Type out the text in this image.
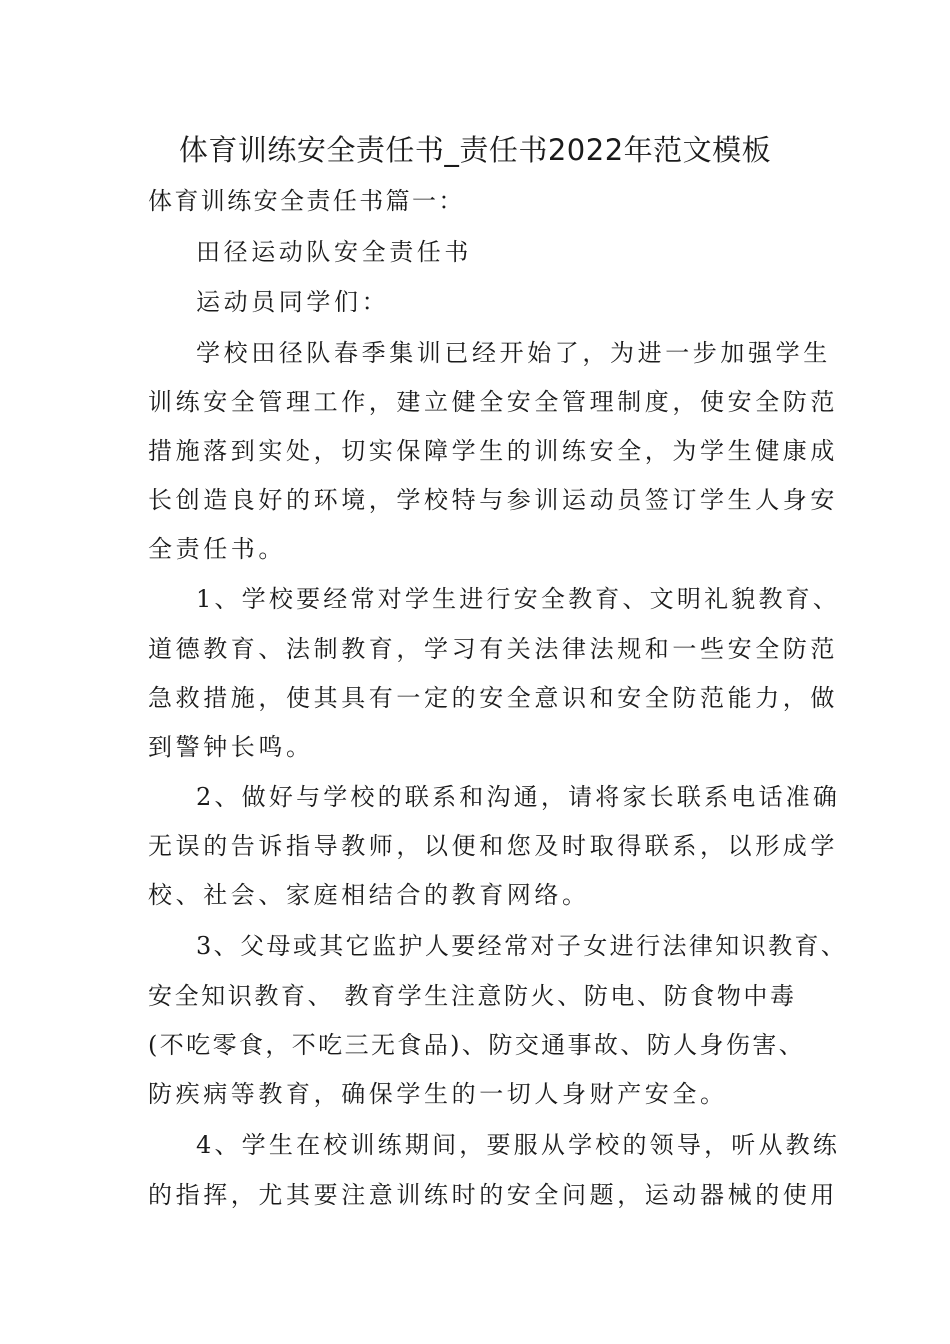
体育训练安全责任书_责任书2022年范文模板
体育训练安全责任书篇一：
田径运动队安全责任书
运动员同学们：
学校田径队春季集训已经开始了，为进一步加强学生
训练安全管理工作，建立健全安全管理制度，使安全防范
措施落到实处，切实保障学生的训练安全，为学生健康成
长创造良好的环境，学校特与参训运动员签订学生人身安
全责任书。
1、学校要经常对学生进行安全教育、文明礼貌教育、
道德教育、法制教育，学习有关法律法规和一些安全防范
急救措施，使其具有一定的安全意识和安全防范能力，做
到警钟长鸣。
2、做好与学校的联系和沟通，请将家长联系电话准确
无误的告诉指导教师，以便和您及时取得联系，以形成学
校、社会、家庭相结合的教育网络。
3、父母或其它监护人要经常对子女进行法律知识教育、
安全知识教育、 教育学生注意防火、防电、防食物中毒
(不吃零食，不吃三无食品)、防交通事故、防人身伤害、
防疾病等教育，确保学生的一切人身财产安全。
4、学生在校训练期间，要服从学校的领导，听从教练
的指挥，尤其要注意训练时的安全问题，运动器械的使用
